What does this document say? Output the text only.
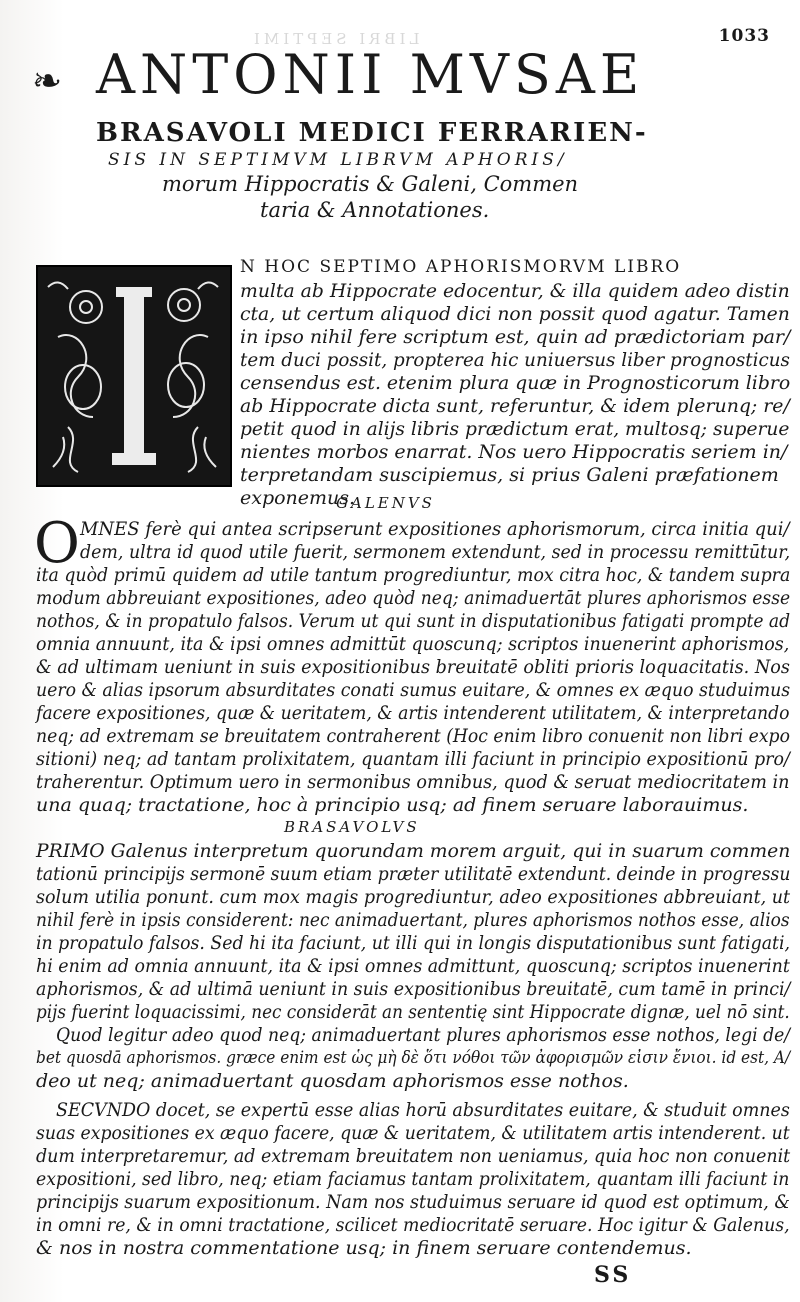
LIBRI SEPTIMI	1033
❧ ANTONII MVSAE
BRASAVOLI MEDICI FERRARIEN-
SIS IN SEPTIMVM LIBRVM APHORIS/
morum Hippocratis & Galeni, Commen
taria & Annotationes.
N HOC SEPTIMO APHORISMORVM LIBRO
multa ab Hippocrate edocentur, & illa quidem adeo distin
cta, ut certum aliquod dici non possit quod agatur. Tamen
in ipso nihil fere scriptum est, quin ad prædictoriam par/
tem duci possit, propterea hic uniuersus liber prognosticus
censendus est. etenim plura quæ in Prognosticorum libro
ab Hippocrate dicta sunt, referuntur, & idem plerunq; re/
petit quod in alijs libris prædictum erat, multosq; superue
nientes morbos enarrat. Nos uero Hippocratis seriem in/
terpretandam suscipiemus, si prius Galeni præfationem
exponemus.
GALENVS
O MNES ferè qui antea scripserunt expositiones aphorismorum, circa initia qui/
dem, ultra id quod utile fuerit, sermonem extendunt, sed in processu remittūtur,
ita quòd primū quidem ad utile tantum progrediuntur, mox citra hoc, & tandem supra
modum abbreuiant expositiones, adeo quòd neq; animaduertāt plures aphorismos esse
nothos, & in propatulo falsos. Verum ut qui sunt in disputationibus fatigati prompte ad
omnia annuunt, ita & ipsi omnes admittūt quoscunq; scriptos inuenerint aphorismos,
& ad ultimam ueniunt in suis expositionibus breuitatē obliti prioris loquacitatis. Nos
uero & alias ipsorum absurditates conati sumus euitare, & omnes ex æquo studuimus
facere expositiones, quæ & ueritatem, & artis intenderent utilitatem, & interpretando
neq; ad extremam se breuitatem contraherent (Hoc enim libro conuenit non libri expo
sitioni) neq; ad tantam prolixitatem, quantam illi faciunt in principio expositionū pro/
traherentur. Optimum uero in sermonibus omnibus, quod & seruat mediocritatem in
una quaq; tractatione, hoc à principio usq; ad finem seruare laborauimus.
BRASAVOLVS
PRIMO Galenus interpretum quorundam morem arguit, qui in suarum commen
tationū principijs sermonē suum etiam præter utilitatē extendunt. deinde in progressu
solum utilia ponunt. cum mox magis progrediuntur, adeo expositiones abbreuiant, ut
nihil ferè in ipsis considerent: nec animaduertant, plures aphorismos nothos esse, alios
in propatulo falsos. Sed hi ita faciunt, ut illi qui in longis disputationibus sunt fatigati,
hi enim ad omnia annuunt, ita & ipsi omnes admittunt, quoscunq; scriptos inuenerint
aphorismos, & ad ultimā ueniunt in suis expositionibus breuitatē, cum tamē in princi/
pijs fuerint loquacissimi, nec considerāt an sententię sint Hippocrate dignæ, uel nō sint.
Quod legitur adeo quod neq; animaduertant plures aphorismos esse nothos, legi de/
bet quosdā aphorismos. græce enim est ὡς μὴ δὲ ὅτι νόθοι τῶν ἀφορισμῶν εἰσιν ἔνιοι. id est, A/
deo ut neq; animaduertant quosdam aphorismos esse nothos.
SECVNDO docet, se expertū esse alias horū absurditates euitare, & studuit omnes
suas expositiones ex æquo facere, quæ & ueritatem, & utilitatem artis intenderent. ut
dum interpretaremur, ad extremam breuitatem non ueniamus, quia hoc non conuenit
expositioni, sed libro, neq; etiam faciamus tantam prolixitatem, quantam illi faciunt in
principijs suarum expositionum. Nam nos studuimus seruare id quod est optimum, &
in omni re, & in omni tractatione, scilicet mediocritatē seruare. Hoc igitur & Galenus,
& nos in nostra commentatione usq; in finem seruare contendemus.
SS
